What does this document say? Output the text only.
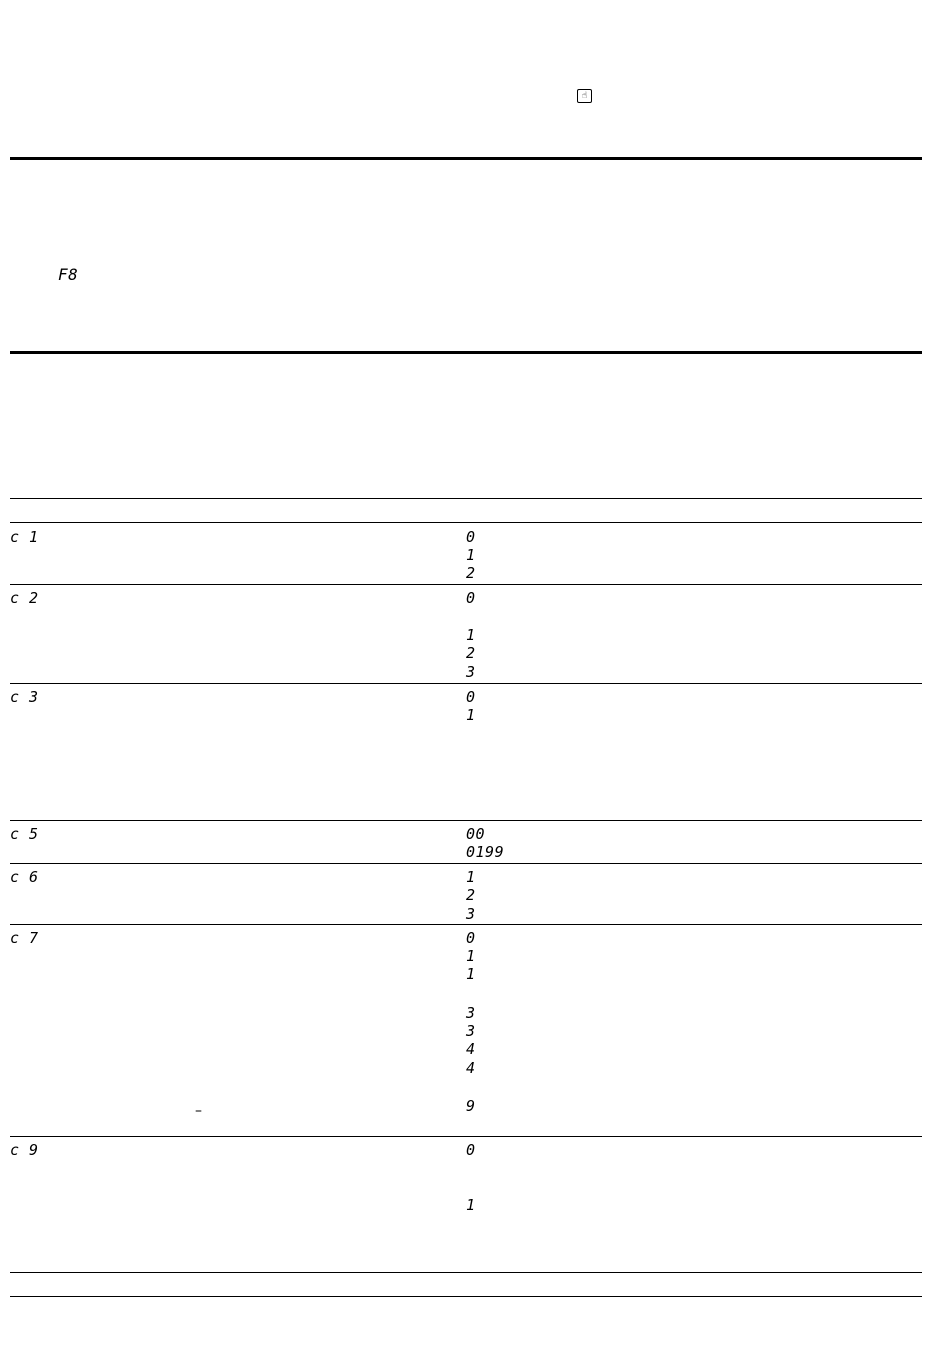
☝
F8
c 1	0
1
2
c 2	0
1
2
3
c 3	0
1
c 5	00
0199
c 6	1
2
3
c 7	0
1
1
3
3
4
4
9
–
c 9	0
1
